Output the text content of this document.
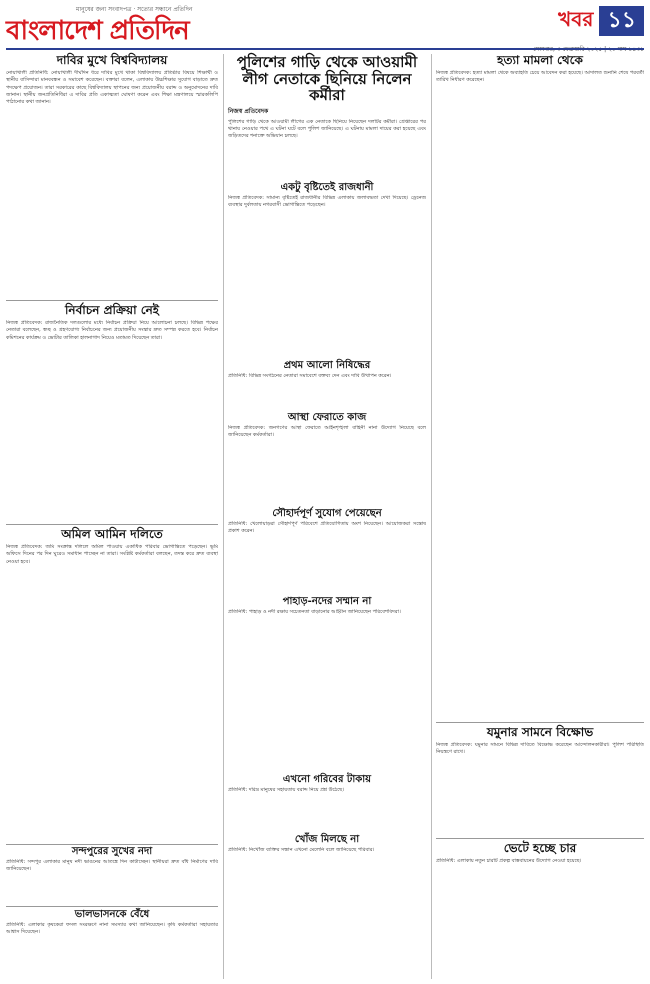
মানুষের জন্য সংবাদপত্র · সত্যের সন্ধানে প্রতিদিন
বাংলাদেশ প্রতিদিন	খবর ১১
দাবির মুখে বিশ্ববিদ্যালয়
নোয়াখালী প্রতিনিধি: নোয়াখালী দীর্ঘদিন ধরে দাবির মুখে থাকা বিশ্ববিদ্যালয় প্রতিষ্ঠার বিষয়ে শিক্ষার্থী ও স্থানীয় বাসিন্দারা মানববন্ধন ও সমাবেশ করেছেন। বক্তারা বলেন, এলাকায় উচ্চশিক্ষার সুযোগ বাড়াতে দ্রুত পদক্ষেপ প্রয়োজন। তারা সরকারের কাছে বিশ্ববিদ্যালয় স্থাপনের জন্য প্রয়োজনীয় বরাদ্দ ও অনুমোদনের দাবি জানান। স্থানীয় জনপ্রতিনিধিরা এ দাবির প্রতি একাত্মতা ঘোষণা করেন এবং শিক্ষা মন্ত্রণালয়ে স্মারকলিপি পাঠানোর কথা জানান।
নির্বাচন প্রক্রিয়া নেই
নিজস্ব প্রতিবেদক: রাজনৈতিক দলগুলোর মধ্যে নির্বাচন প্রক্রিয়া নিয়ে আলোচনা চলছে। বিভিন্ন পক্ষের নেতারা বলেছেন, স্বচ্ছ ও গ্রহণযোগ্য নির্বাচনের জন্য প্রয়োজনীয় সংস্কার দ্রুত সম্পন্ন করতে হবে। নির্বাচন কমিশনের কার্যক্রম ও ভোটার তালিকা হালনাগাদ নিয়েও মতামত দিয়েছেন তারা।
অমিল আমিন দলিতে
নিজস্ব প্রতিবেদক: জমি সংক্রান্ত দলিলে অমিল পাওয়ায় একাধিক পরিবার ভোগান্তিতে পড়েছেন। ভূমি অফিসে দিনের পর দিন ঘুরেও সমাধান পাচ্ছেন না তারা। সংশ্লিষ্ট কর্মকর্তারা বলছেন, তদন্ত করে দ্রুত ব্যবস্থা নেওয়া হবে।
সন্দপুরের সুখের নদা
প্রতিনিধি: সন্দপুর এলাকার মানুষ নদী ভাঙনের আতঙ্কে দিন কাটাচ্ছেন। স্থানীয়রা দ্রুত বাঁধ নির্মাণের দাবি জানিয়েছেন।
ভালভাসনকে বেঁধে
প্রতিনিধি: এলাকার কৃষকেরা ফসল সংরক্ষণে নানা সমস্যার কথা জানিয়েছেন। কৃষি কর্মকর্তারা সহায়তার আশ্বাস দিয়েছেন।
পুলিশের গাড়ি থেকে আওয়ামী লীগ নেতাকে ছিনিয়ে নিলেন কর্মীরা
নিজস্ব প্রতিবেদক
পুলিশের গাড়ি থেকে আওয়ামী লীগের এক নেতাকে ছিনিয়ে নিয়েছেন দলটির কর্মীরা। গ্রেপ্তারের পর থানায় নেওয়ার পথে এ ঘটনা ঘটে বলে পুলিশ জানিয়েছে। এ ঘটনায় মামলা দায়ের করা হয়েছে এবং জড়িতদের শনাক্তে অভিযান চলছে।
একটু বৃষ্টিতেই রাজধানী
নিজস্ব প্রতিবেদক: সামান্য বৃষ্টিতেই রাজধানীর বিভিন্ন এলাকায় জলাবদ্ধতা দেখা দিয়েছে। ড্রেনেজ ব্যবস্থার দুর্বলতায় নগরবাসী ভোগান্তিতে পড়েছেন।
প্রথম আলো নিষিদ্ধের
প্রতিনিধি: বিভিন্ন সংগঠনের নেতারা সমাবেশে বক্তব্য দেন এবং দাবি উত্থাপন করেন।
আস্থা ফেরাতে কাজ
নিজস্ব প্রতিবেদক: জনগণের আস্থা ফেরাতে আইনশৃঙ্খলা বাহিনী নানা উদ্যোগ নিয়েছে বলে জানিয়েছেন কর্মকর্তারা।
সৌহার্দপূর্ণ সুযোগ পেয়েছেন
প্রতিনিধি: খেলোয়াড়রা সৌহার্দপূর্ণ পরিবেশে প্রতিযোগিতায় অংশ নিয়েছেন। আয়োজকরা সন্তোষ প্রকাশ করেন।
পাহাড়-নদের সম্মান না
প্রতিনিধি: পাহাড় ও নদী রক্ষায় সচেতনতা বাড়ানোর আহ্বান জানিয়েছেন পরিবেশবিদরা।
এখনো গরিবের টাকায়
প্রতিনিধি: দরিদ্র মানুষের সহায়তায় বরাদ্দ নিয়ে প্রশ্ন উঠেছে।
খোঁজ মিলছে না
প্রতিনিধি: নিখোঁজ ব্যক্তির সন্ধান এখনো মেলেনি বলে জানিয়েছে পরিবার।
হত্যা মামলা থেকে
নিজস্ব প্রতিবেদক: হত্যা মামলা থেকে অব্যাহতি চেয়ে আবেদন করা হয়েছে। আদালত শুনানি শেষে পরবর্তী তারিখ নির্ধারণ করেছেন।
যমুনার সামনে বিক্ষোভ
নিজস্ব প্রতিবেদক: যমুনার সামনে বিভিন্ন দাবিতে বিক্ষোভ করেছেন আন্দোলনকারীরা। পুলিশ পরিস্থিতি নিয়ন্ত্রণে রাখে।
ভেটে হচ্ছে চার
প্রতিনিধি: এলাকায় নতুন চারটি প্রকল্প বাস্তবায়নের উদ্যোগ নেওয়া হয়েছে।
